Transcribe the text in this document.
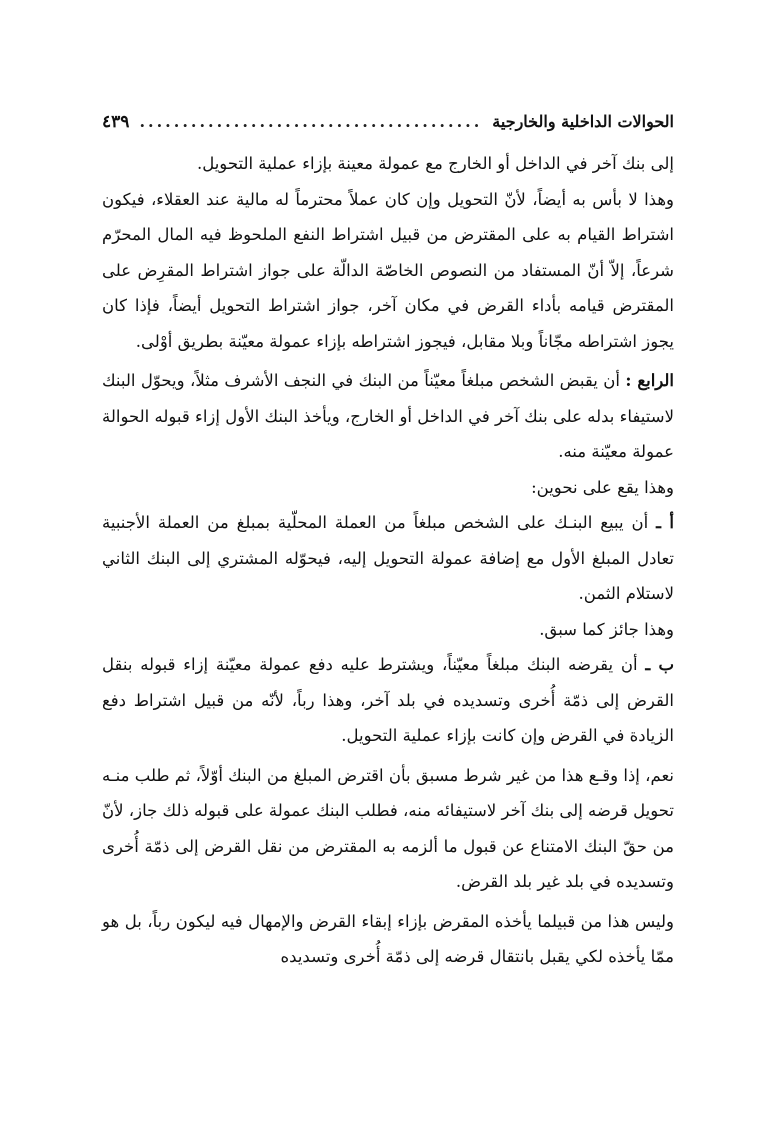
الحوالات الداخلية والخارجية
.....
٤٣٩

إلى بنك آخر في الداخل أو الخارج مع عمولة معينة بإزاء عملية التحويل.

وهذا لا بأس به أيضاً، لأنّ التحويل وإن كان عملاً محترماً له مالية عند العقلاء، فيكون اشتراط القيام به على المقترض من قبيل اشتراط النفع الملحوظ فيه المال المحرّم شرعاً، إلاّ أنّ المستفاد من النصوص الخاصّة الدالّة على جواز اشتراط المقرِض على المقترض قيامه بأداء القرض في مكان آخر، جواز اشتراط التحويل أيضاً، فإذا كان يجوز اشتراطه مجّاناً وبلا مقابل، فيجوز اشتراطه بإزاء عمولة معيّنة بطريق أوْلى.

الرابع : أن يقبض الشخص مبلغاً معيّناً من البنك في النجف الأشرف مثلاً، ويحوّل البنك لاستيفاء بدله على بنك آخر في الداخل أو الخارج، ويأخذ البنك الأول إزاء قبوله الحوالة عمولة معيّنة منه.

وهذا يقع على نحوين:

أ ـ أن يبيع البنـك على الشخص مبلغاً من العملة المحلّية بمبلغ من العملة الأجنبية تعادل المبلغ الأول مع إضافة عمولة التحويل إليه، فيحوّله المشتري إلى البنك الثاني لاستلام الثمن.

وهذا جائز كما سبق.

ب ـ أن يقرضه البنك مبلغاً معيّناً، ويشترط عليه دفع عمولة معيّنة إزاء قبوله بنقل القرض إلى ذمّة أُخرى وتسديده في بلد آخر، وهذا رباً، لأنّه من قبيل اشتراط دفع الزيادة في القرض وإن كانت بإزاء عملية التحويل.

نعم، إذا وقـع هذا من غير شرط مسبق بأن اقترض المبلغ من البنك أوّلاً، ثم طلب منـه تحويل قرضه إلى بنك آخر لاستيفائه منه، فطلب البنك عمولة على قبوله ذلك جاز، لأنّ من حقّ البنك الامتناع عن قبول ما ألزمه به المقترض من نقل القرض إلى ذمّة أُخرى وتسديده في بلد غير بلد القرض.

وليس هذا من قبيلما يأخذه المقرض بإزاء إبقاء القرض والإمهال فيه ليكون رباً، بل هو ممّا يأخذه لكي يقبل بانتقال قرضه إلى ذمّة أُخرى وتسديده
